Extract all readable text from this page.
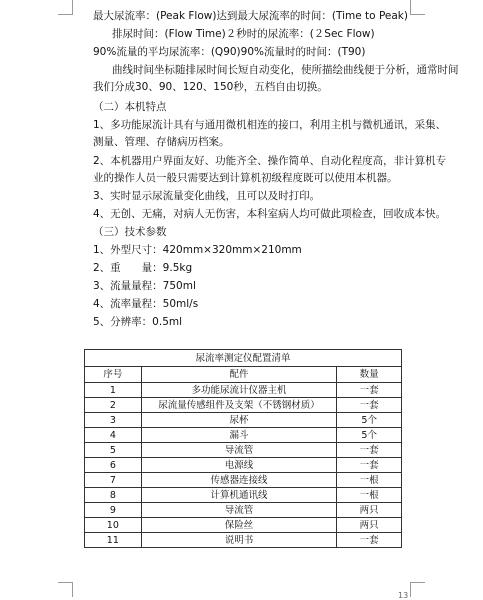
最大尿流率：(Peak Flow)达到最大尿流率的时间：(Time to Peak)
排尿时间：(Flow Time)２秒时的尿流率：(２Sec Flow)
90%流量的平均尿流率：(Q90)90%流量时的时间：(T90)
曲线时间坐标随排尿时间长短自动变化，使所描绘曲线便于分析，通常时间
我们分成30、90、120、150秒，五档自由切换。
（二）本机特点
1、多功能尿流计具有与通用微机相连的接口，利用主机与微机通讯，采集、
测量、管理、存储病历档案。
2、本机器用户界面友好、功能齐全、操作简单、自动化程度高，非计算机专
业的操作人员一般只需要达到计算机初级程度既可以使用本机器。
3、实时显示尿流量变化曲线，且可以及时打印。
4、无创、无痛，对病人无伤害，本科室病人均可做此项检查，回收成本快。
（三）技术参数
1、外型尺寸：420mm×320mm×210mm
2、重　　量：9.5kg
3、流量量程：750ml
4、流率量程：50ml/s
5、分辨率：0.5ml
尿流率测定仪配置清单		
序号	配件	数量
1	多功能尿流计仪器主机	一套
2	尿流量传感组件及支架（不锈钢材质）	一套
3	尿杯	5个
4	漏斗	5个
5	导流管	一套
6	电源线	一套
7	传感器连接线	一根
8	计算机通讯线	一根
9	导流管	两只
10	保险丝	两只
11	说明书	一套
13
